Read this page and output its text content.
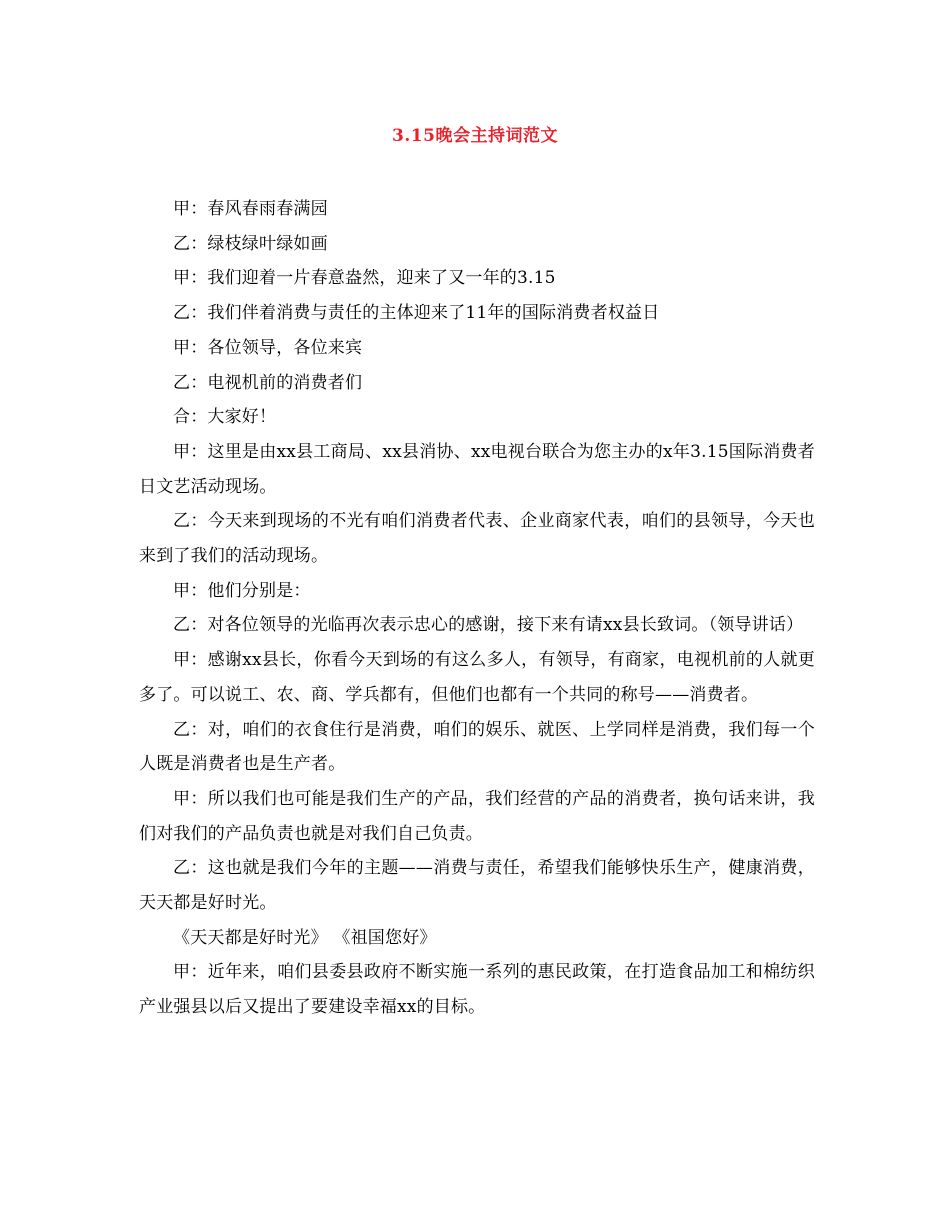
3.15晚会主持词范文

甲：春风春雨春满园

乙：绿枝绿叶绿如画

甲：我们迎着一片春意盎然，迎来了又一年的3.15

乙：我们伴着消费与责任的主体迎来了11年的国际消费者权益日

甲：各位领导，各位来宾

乙：电视机前的消费者们

合：大家好！

甲：这里是由xx县工商局、xx县消协、xx电视台联合为您主办的x年3.15国际消费者日文艺活动现场。

乙：今天来到现场的不光有咱们消费者代表、企业商家代表，咱们的县领导，今天也来到了我们的活动现场。

甲：他们分别是：

乙：对各位领导的光临再次表示忠心的感谢，接下来有请xx县长致词。（领导讲话）

甲：感谢xx县长，你看今天到场的有这么多人，有领导，有商家，电视机前的人就更多了。可以说工、农、商、学兵都有，但他们也都有一个共同的称号——消费者。

乙：对，咱们的衣食住行是消费，咱们的娱乐、就医、上学同样是消费，我们每一个人既是消费者也是生产者。

甲：所以我们也可能是我们生产的产品，我们经营的产品的消费者，换句话来讲，我们对我们的产品负责也就是对我们自己负责。

乙：这也就是我们今年的主题——消费与责任，希望我们能够快乐生产，健康消费，天天都是好时光。

《天天都是好时光》 《祖国您好》

甲：近年来，咱们县委县政府不断实施一系列的惠民政策，在打造食品加工和棉纺织产业强县以后又提出了要建设幸福xx的目标。
